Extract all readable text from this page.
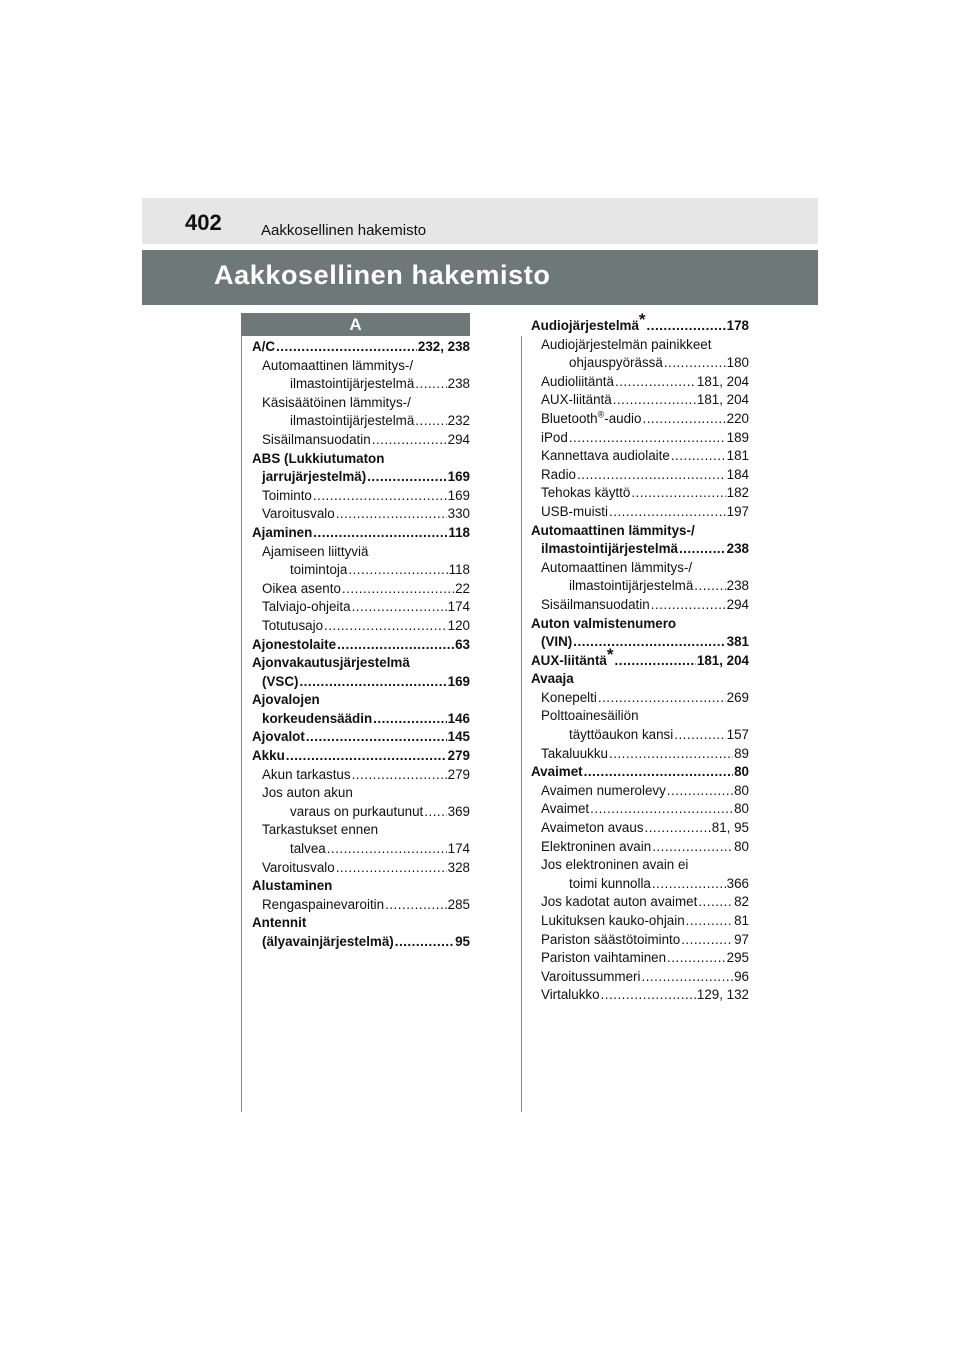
402	Aakkosellinen hakemisto
Aakkosellinen hakemisto
A
A/C .....	232, 238
Automaattinen lämmitys-/
ilmastointijärjestelmä ..... 238
Käsisäätöinen lämmitys-/
ilmastointijärjestelmä ..... 232
Sisäilmansuodatin .....	294
ABS (Lukkiutumaton
jarrujärjestelmä) .....	169
Toiminto .....	169
Varoitusvalo .....	330
Ajaminen .....	118
Ajamiseen liittyviä
toimintoja .....	118
Oikea asento .....	22
Talviajo-ohjeita .....	174
Totutusajo .....	120
Ajonestolaite .....	63
Ajonvakautusjärjestelmä
(VSC) .....	169
Ajovalojen
korkeudensäädin .....	146
Ajovalot .....	145
Akku .....	279
Akun tarkastus .....	279
Jos auton akun
varaus on purkautunut ..... 369
Tarkastukset ennen
talvea .....	174
Varoitusvalo .....	328
Alustaminen
Rengaspainevaroitin .....	285
Antennit
(älyavainjärjestelmä) .....	95
Audiojärjestelmä* .....	178
Audiojärjestelmän painikkeet
ohjauspyörässä .....	180
Audioliitäntä .....	181, 204
AUX-liitäntä .....	181, 204
Bluetooth®-audio .....	220
iPod .....	189
Kannettava audiolaite .....	181
Radio .....	184
Tehokas käyttö .....	182
USB-muisti .....	197
Automaattinen lämmitys-/
ilmastointijärjestelmä .....	238
Automaattinen lämmitys-/
ilmastointijärjestelmä ..... 238
Sisäilmansuodatin .....	294
Auton valmistenumero
(VIN) .....	381
AUX-liitäntä* .....	181, 204
Avaaja
Konepelti .....	269
Polttoainesäiliön
täyttöaukon kansi .....	157
Takaluukku .....	89
Avaimet .....	80
Avaimen numerolevy .....	80
Avaimet .....	80
Avaimeton avaus .....	81, 95
Elektroninen avain .....	80
Jos elektroninen avain ei
toimi kunnolla .....	366
Jos kadotat auton avaimet .....	82
Lukituksen kauko-ohjain .....	81
Pariston säästötoiminto .....	97
Pariston vaihtaminen .....	295
Varoitussummeri .....	96
Virtalukko .....	129, 132
